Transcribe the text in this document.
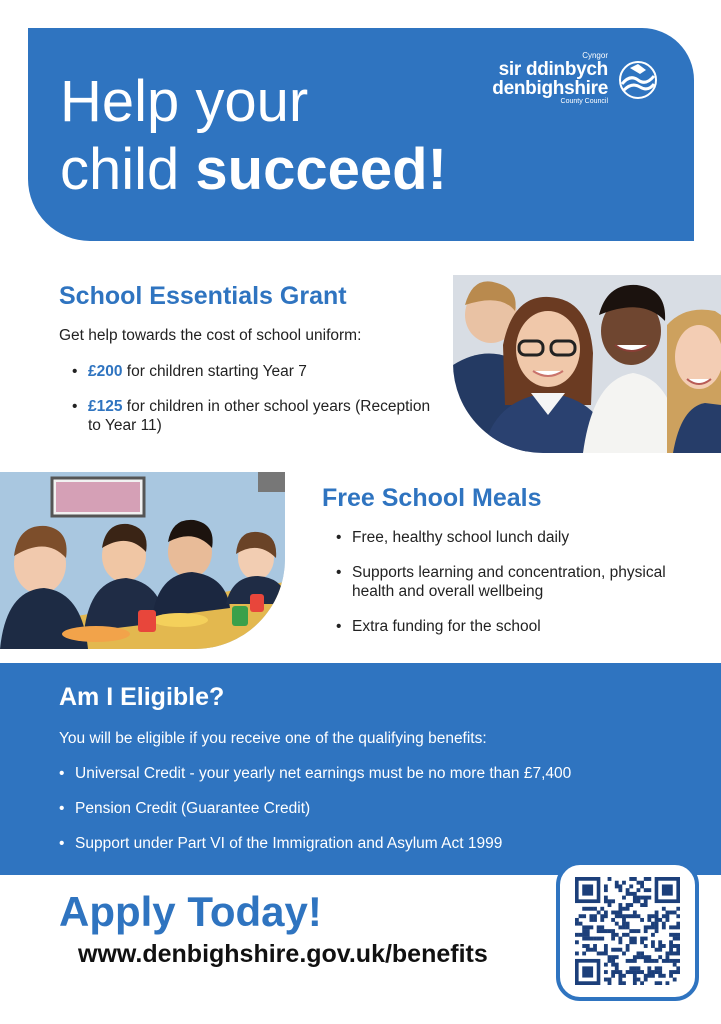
Help your
child succeed!
Cyngor
sir ddinbych
denbighshire
County Council
School Essentials Grant

Get help towards the cost of school uniform:

• £200 for children starting Year 7
• £125 for children in other school years (Reception to Year 11)
Free School Meals
• Free, healthy school lunch daily
• Supports learning and concentration, physical health and overall wellbeing
• Extra funding for the school
Am I Eligible?

You will be eligible if you receive one of the qualifying benefits:

• Universal Credit - your yearly net earnings must be no more than £7,400
• Pension Credit (Guarantee Credit)
• Support under Part VI of the Immigration and Asylum Act 1999
Apply Today!
www.denbighshire.gov.uk/benefits
